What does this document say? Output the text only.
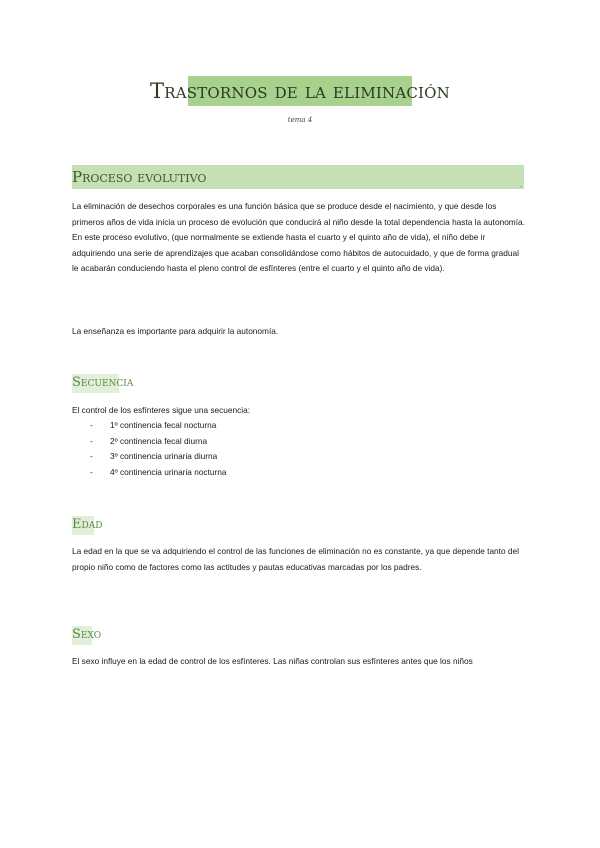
Trastornos de la eliminación
tema 4
Proceso evolutivo	.

La eliminación de desechos corporales es una función básica que se produce desde el nacimiento, y que desde los primeros años de vida inicia un proceso de evolución que conducirá al niño desde la total dependencia hasta la autonomía.

En este proceso evolutivo, (que normalmente se extiende hasta el cuarto y el quinto año de vida), el niño debe ir adquiriendo una serie de aprendizajes que acaban consolidándose como hábitos de autocuidado, y que de forma gradual le acabarán conduciendo hasta el pleno control de esfínteres (entre el cuarto y el quinto año de vida).

La enseñanza es importante para adquirir la autonomía.

Secuencia

El control de los esfínteres sigue una secuencia:

- 1º continencia fecal nocturna
- 2º continencia fecal diurna
- 3º continencia urinaria diurna
- 4º continencia urinaria nocturna
Edad

La edad en la que se va adquiriendo el control de las funciones de eliminación no es constante, ya que depende tanto del propio niño como de factores como las actitudes y pautas educativas marcadas por los padres.

Sexo

El sexo influye en la edad de control de los esfínteres. Las niñas controlan sus esfínteres antes que los niños
